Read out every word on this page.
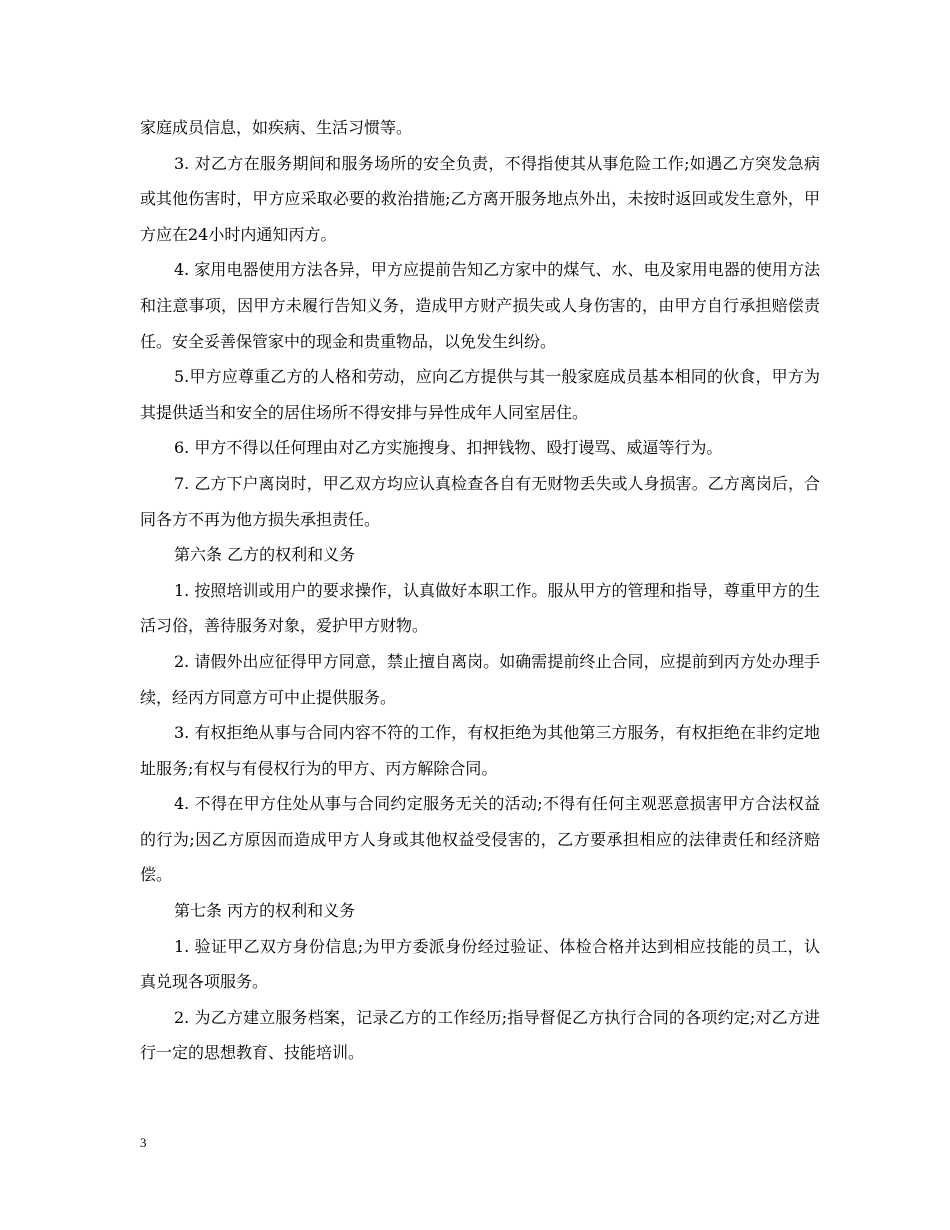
家庭成员信息，如疾病、生活习惯等。

3. 对乙方在服务期间和服务场所的安全负责，不得指使其从事危险工作;如遇乙方突发急病或其他伤害时，甲方应采取必要的救治措施;乙方离开服务地点外出，未按时返回或发生意外，甲方应在24小时内通知丙方。

4. 家用电器使用方法各异，甲方应提前告知乙方家中的煤气、水、电及家用电器的使用方法和注意事项，因甲方未履行告知义务，造成甲方财产损失或人身伤害的，由甲方自行承担赔偿责任。安全妥善保管家中的现金和贵重物品，以免发生纠纷。

5.甲方应尊重乙方的人格和劳动，应向乙方提供与其一般家庭成员基本相同的伙食，甲方为其提供适当和安全的居住场所不得安排与异性成年人同室居住。

6. 甲方不得以任何理由对乙方实施搜身、扣押钱物、殴打谩骂、威逼等行为。

7. 乙方下户离岗时，甲乙双方均应认真检查各自有无财物丢失或人身损害。乙方离岗后，合同各方不再为他方损失承担责任。

第六条 乙方的权利和义务

1. 按照培训或用户的要求操作，认真做好本职工作。服从甲方的管理和指导，尊重甲方的生活习俗，善待服务对象，爱护甲方财物。

2. 请假外出应征得甲方同意，禁止擅自离岗。如确需提前终止合同，应提前到丙方处办理手续，经丙方同意方可中止提供服务。

3. 有权拒绝从事与合同内容不符的工作，有权拒绝为其他第三方服务，有权拒绝在非约定地址服务;有权与有侵权行为的甲方、丙方解除合同。

4. 不得在甲方住处从事与合同约定服务无关的活动;不得有任何主观恶意损害甲方合法权益的行为;因乙方原因而造成甲方人身或其他权益受侵害的，乙方要承担相应的法律责任和经济赔偿。

第七条 丙方的权利和义务

1. 验证甲乙双方身份信息;为甲方委派身份经过验证、体检合格并达到相应技能的员工，认真兑现各项服务。

2. 为乙方建立服务档案，记录乙方的工作经历;指导督促乙方执行合同的各项约定;对乙方进行一定的思想教育、技能培训。

3
